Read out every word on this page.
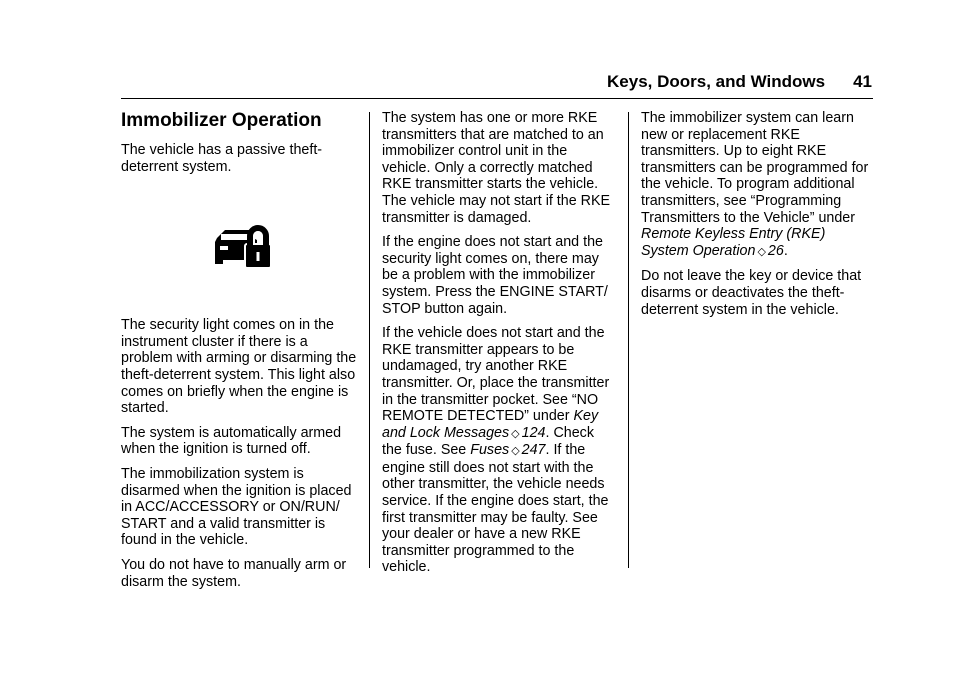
Keys, Doors, and Windows 41
Immobilizer Operation

The vehicle has a passive theft-deterrent system.

The security light comes on in the instrument cluster if there is a problem with arming or disarming the theft-deterrent system. This light also comes on briefly when the engine is started.

The system is automatically armed when the ignition is turned off.

The immobilization system is disarmed when the ignition is placed in ACC/ACCESSORY or ON/RUN/ START and a valid transmitter is found in the vehicle.

You do not have to manually arm or disarm the system.

The system has one or more RKE transmitters that are matched to an immobilizer control unit in the vehicle. Only a correctly matched RKE transmitter starts the vehicle. The vehicle may not start if the RKE transmitter is damaged.

If the engine does not start and the security light comes on, there may be a problem with the immobilizer system. Press the ENGINE START/ STOP button again.

If the vehicle does not start and the RKE transmitter appears to be undamaged, try another RKE transmitter. Or, place the transmitter in the transmitter pocket. See “NO REMOTE DETECTED” under Key and Lock Messages ◇ 124. Check the fuse. See Fuses ◇ 247. If the engine still does not start with the other transmitter, the vehicle needs service. If the engine does start, the first transmitter may be faulty. See your dealer or have a new RKE transmitter programmed to the vehicle.

The immobilizer system can learn new or replacement RKE transmitters. Up to eight RKE transmitters can be programmed for the vehicle. To program additional transmitters, see “Programming Transmitters to the Vehicle” under Remote Keyless Entry (RKE) System Operation ◇ 26.

Do not leave the key or device that disarms or deactivates the theft-deterrent system in the vehicle.
